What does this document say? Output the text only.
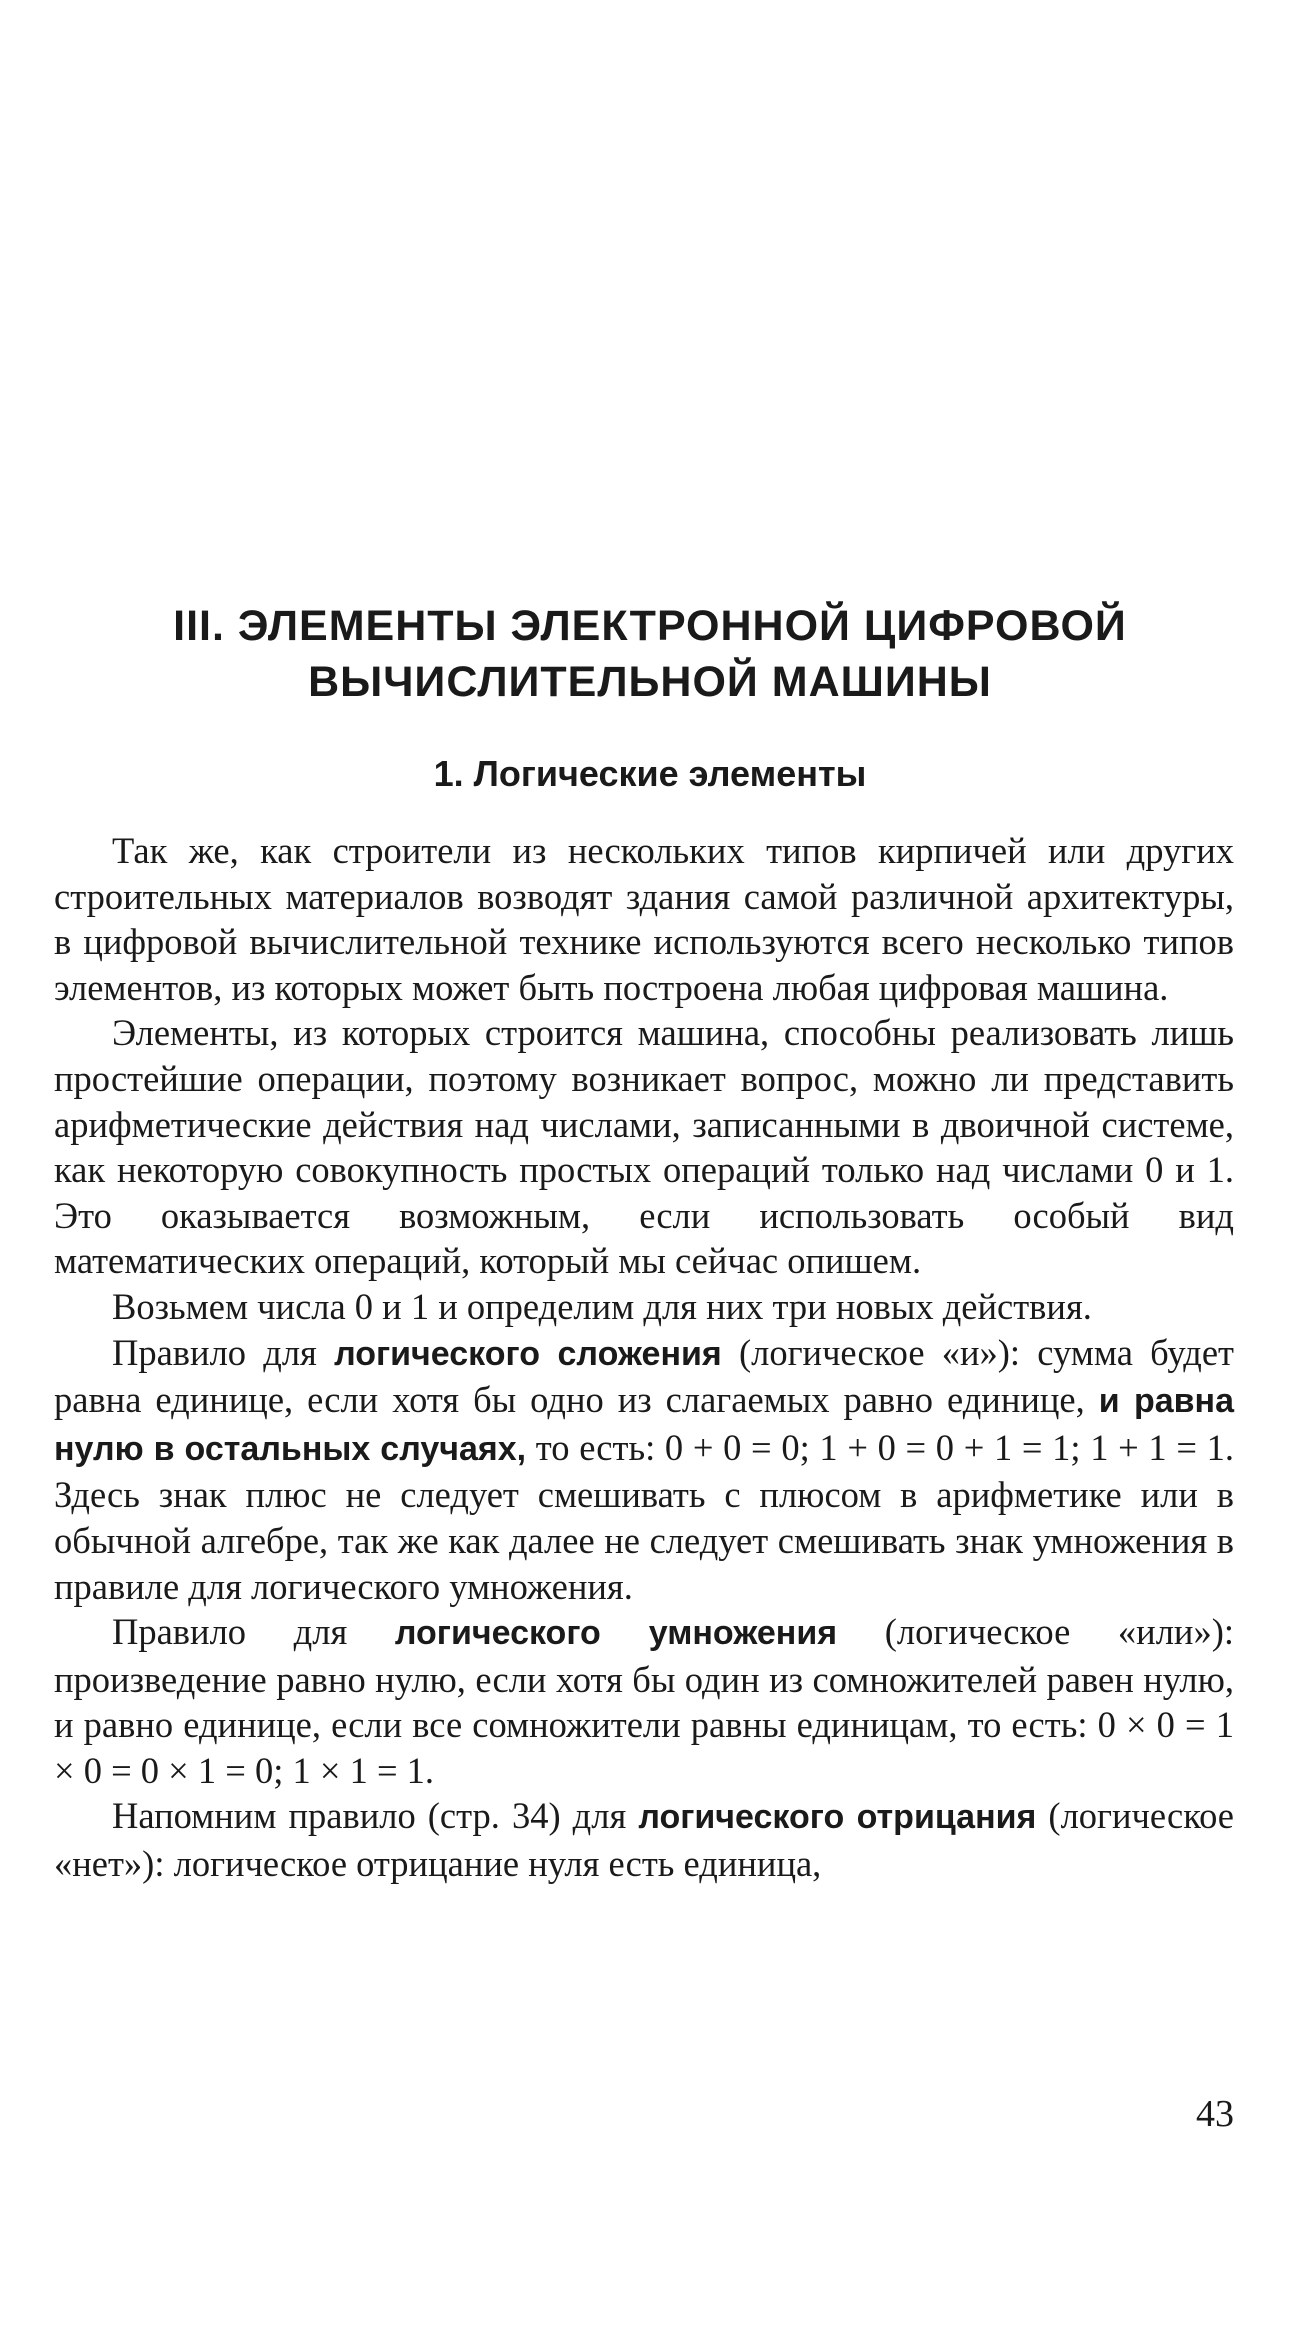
III. ЭЛЕМЕНТЫ ЭЛЕКТРОННОЙ ЦИФРОВОЙ
ВЫЧИСЛИТЕЛЬНОЙ МАШИНЫ
1. Логические элементы

Так же, как строители из нескольких типов кирпичей или других строительных материалов возводят здания самой различной архитектуры, в цифровой вычислительной технике используются всего несколько типов элементов, из которых может быть построена любая цифровая машина.

Элементы, из которых строится машина, способны реализовать лишь простейшие операции, поэтому возникает вопрос, можно ли представить арифметические действия над числами, записанными в двоичной системе, как некоторую совокупность простых операций только над числами 0 и 1. Это оказывается возможным, если использовать особый вид математических операций, который мы сейчас опишем.

Возьмем числа 0 и 1 и определим для них три новых действия.

Правило для логического сложения (логическое «и»): сумма будет равна единице, если хотя бы одно из слагаемых равно единице, и равна нулю в остальных случаях, то есть: 0 + 0 = 0; 1 + 0 = 0 + 1 = 1; 1 + 1 = 1. Здесь знак плюс не следует смешивать с плюсом в арифметике или в обычной алгебре, так же как далее не следует смешивать знак умножения в правиле для логического умножения.

Правило для логического умножения (логическое «или»): произведение равно нулю, если хотя бы один из сомножителей равен нулю, и равно единице, если все сомножители равны единицам, то есть: 0 × 0 = 1 × 0 = 0 × 1 = 0; 1 × 1 = 1.

Напомним правило (стр. 34) для логического отрицания (логическое «нет»): логическое отрицание нуля есть единица,

43
